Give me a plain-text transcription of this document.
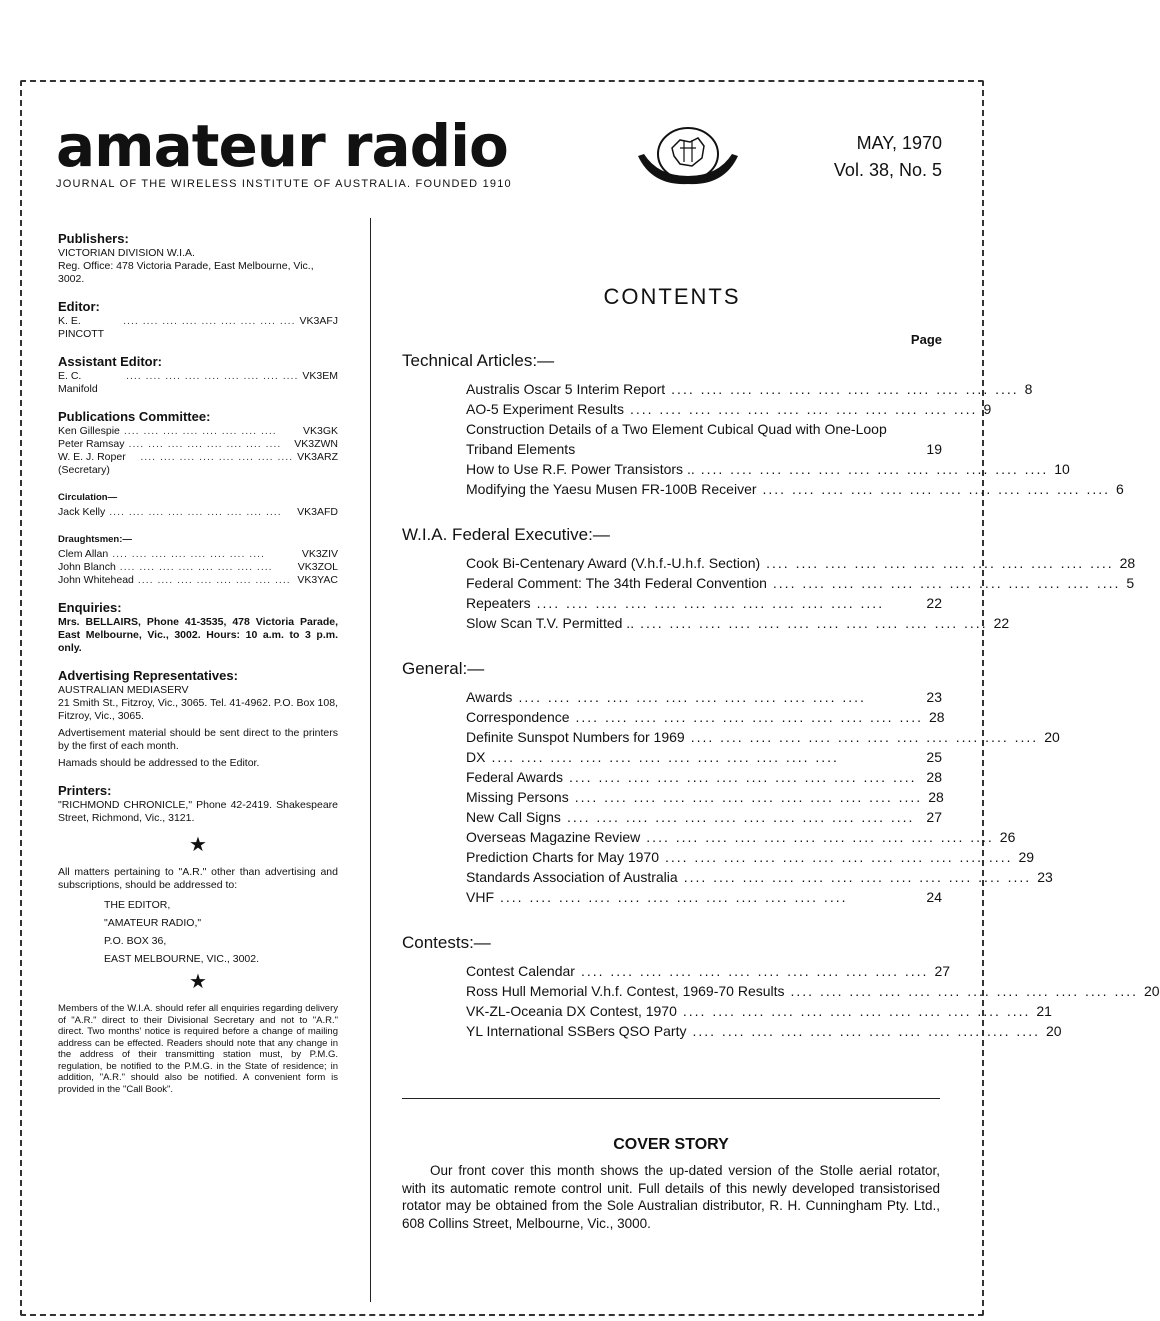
amateur radio
JOURNAL OF THE WIRELESS INSTITUTE OF AUSTRALIA. FOUNDED 1910
MAY, 1970
Vol. 38, No. 5
Publishers:
VICTORIAN DIVISION W.I.A.
Reg. Office: 478 Victoria Parade, East Melbourne, Vic., 3002.
Editor:
K. E. PINCOTT
.... .... .... .... .... .... .... .... .... VK3AFJ
Assistant Editor:
E. C. Manifold
.... .... .... .... .... .... .... .... .... VK3EM
Publications Committee:
Ken Gillespie .... .... .... .... .... .... .... ....	VK3GK
Peter Ramsay .... .... .... .... .... .... .... ....	VK3ZWN
W. E. J. Roper (Secretary)
.... .... .... .... .... .... .... .... VK3ARZ
Circulation—
Jack Kelly .... .... .... .... .... .... .... .... ....	VK3AFD
Draughtsmen:—
Clem Allan .... .... .... .... .... .... .... ....	VK3ZIV
John Blanch .... .... .... .... .... .... .... ....	VK3ZOL
John Whitehead .... .... .... .... .... .... .... .... VK3YAC
Enquiries:

Mrs. BELLAIRS, Phone 41-3535, 478 Victoria Parade, East Melbourne, Vic., 3002. Hours: 10 a.m. to 3 p.m. only.

Advertising Representatives:
AUSTRALIAN MEDIASERV

21 Smith St., Fitzroy, Vic., 3065. Tel. 41-4962. P.O. Box 108, Fitzroy, Vic., 3065.

Advertisement material should be sent direct to the printers by the first of each month.

Hamads should be addressed to the Editor.

Printers:

"RICHMOND CHRONICLE," Phone 42-2419. Shakespeare Street, Richmond, Vic., 3121.

★

All matters pertaining to "A.R." other than advertising and subscriptions, should be addressed to:

THE EDITOR,
"AMATEUR RADIO,"
P.O. BOX 36,
EAST MELBOURNE, VIC., 3002.
★

Members of the W.I.A. should refer all enquiries regarding delivery of "A.R." direct to their Divisional Secretary and not to "A.R." direct. Two months' notice is required before a change of mailing address can be effected. Readers should note that any change in the address of their transmitting station must, by P.M.G. regulation, be notified to the P.M.G. in the State of residence; in addition, "A.R." should also be notified. A convenient form is provided in the "Call Book".

CONTENTS
Page
Technical Articles:—
Australis Oscar 5 Interim Report .... .... .... .... .... .... .... .... .... .... .... .... 8
AO-5 Experiment Results .... .... .... .... .... .... .... .... .... .... .... .... 9
Construction Details of a Two Element Cubical Quad with One-Loop Triband Elements	19
How to Use R.F. Power Transistors .. .... .... .... .... .... .... .... .... .... .... .... .... 10
Modifying the Yaesu Musen FR-100B Receiver .... .... .... .... .... .... .... .... .... .... .... .... 6
W.I.A. Federal Executive:—
Cook Bi-Centenary Award (V.h.f.-U.h.f. Section) .... .... .... .... .... .... .... .... .... .... .... .... 28
Federal Comment: The 34th Federal Convention .... .... .... .... .... .... .... .... .... .... .... .... 5
Repeaters .... .... .... .... .... .... .... .... .... .... .... ....	22
Slow Scan T.V. Permitted .. .... .... .... .... .... .... .... .... .... .... .... .... 22
General:—
Awards .... .... .... .... .... .... .... .... .... .... .... ....	23
Correspondence .... .... .... .... .... .... .... .... .... .... .... .... 28
Definite Sunspot Numbers for 1969 .... .... .... .... .... .... .... .... .... .... .... .... 20
DX .... .... .... .... .... .... .... .... .... .... .... ....	25
Federal Awards .... .... .... .... .... .... .... .... .... .... .... .... 28
Missing Persons .... .... .... .... .... .... .... .... .... .... .... .... 28
New Call Signs .... .... .... .... .... .... .... .... .... .... .... .... 27
Overseas Magazine Review .... .... .... .... .... .... .... .... .... .... .... .... 26
Prediction Charts for May 1970 .... .... .... .... .... .... .... .... .... .... .... .... 29
Standards Association of Australia .... .... .... .... .... .... .... .... .... .... .... .... 23
VHF .... .... .... .... .... .... .... .... .... .... .... ....	24
Contests:—
Contest Calendar .... .... .... .... .... .... .... .... .... .... .... .... 27
Ross Hull Memorial V.h.f. Contest, 1969-70 Results .... .... .... .... .... .... .... .... .... .... .... .... 20
VK-ZL-Oceania DX Contest, 1970 .... .... .... .... .... .... .... .... .... .... .... .... 21
YL International SSBers QSO Party .... .... .... .... .... .... .... .... .... .... .... .... 20
COVER STORY

Our front cover this month shows the up-dated version of the Stolle aerial rotator, with its automatic remote control unit. Full details of this newly developed transistorised rotator may be obtained from the Sole Australian distributor, R. H. Cunningham Pty. Ltd., 608 Collins Street, Melbourne, Vic., 3000.
